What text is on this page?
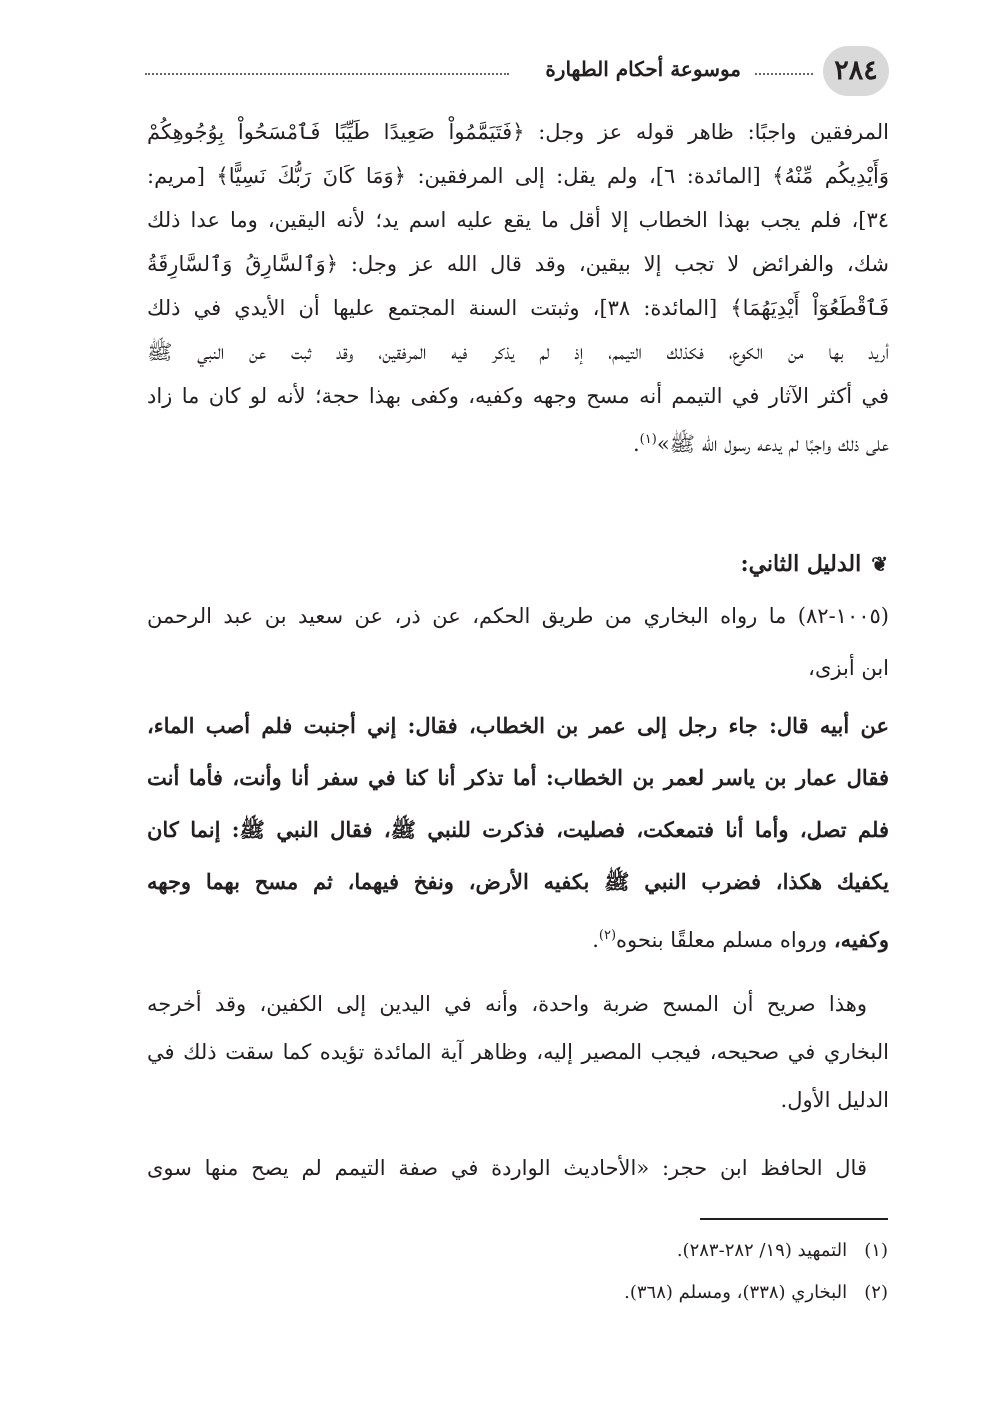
٢٨٤
موسوعة أحكام الطهارة
المرفقين واجبًا: ظاهر قوله عز وجل: ﴿فَتَيَمَّمُواْ صَعِيدًا طَيِّبًا فَٱمْسَحُواْ بِوُجُوهِكُمْ
وَأَيْدِيكُم مِّنْهُ﴾ [المائدة: ٦]، ولم يقل: إلى المرفقين: ﴿وَمَا كَانَ رَبُّكَ نَسِيًّا﴾ [مريم:
٣٤]، فلم يجب بهذا الخطاب إلا أقل ما يقع عليه اسم يد؛ لأنه اليقين، وما عدا ذلك
شك، والفرائض لا تجب إلا بيقين، وقد قال الله عز وجل: ﴿وَٱلسَّارِقُ وَٱلسَّارِقَةُ
فَٱقْطَعُوٓاْ أَيْدِيَهُمَا﴾ [المائدة: ٣٨]، وثبتت السنة المجتمع عليها أن الأيدي في ذلك
أريد بها من الكوع، فكذلك التيمم، إذ لم يذكر فيه المرفقين، وقد ثبت عن النبي ﷺ
في أكثر الآثار في التيمم أنه مسح وجهه وكفيه، وكفى بهذا حجة؛ لأنه لو كان ما زاد
على ذلك واجبًا لم يدعه رسول الله ﷺ»$^{(١)}$.
❦الدليل الثاني:
(١٠٠٥-٨٢) ما رواه البخاري من طريق الحكم، عن ذر، عن سعيد بن عبد الرحمن
ابن أبزى،
عن أبيه قال: جاء رجل إلى عمر بن الخطاب، فقال: إني أجنبت فلم أصب الماء،
فقال عمار بن ياسر لعمر بن الخطاب: أما تذكر أنا كنا في سفر أنا وأنت، فأما أنت
فلم تصل، وأما أنا فتمعكت، فصليت، فذكرت للنبي ﷺ، فقال النبي ﷺ: إنما كان
يكفيك هكذا، فضرب النبي ﷺ بكفيه الأرض، ونفخ فيهما، ثم مسح بهما وجهه
وكفيه، ورواه مسلم معلقًا بنحوه$^{(٢)}$.
وهذا صريح أن المسح ضربة واحدة، وأنه في اليدين إلى الكفين، وقد أخرجه
البخاري في صحيحه، فيجب المصير إليه، وظاهر آية المائدة تؤيده كما سقت ذلك في
الدليل الأول.
قال الحافظ ابن حجر: «الأحاديث الواردة في صفة التيمم لم يصح منها سوى
(١)   التمهيد (١٩/ ٢٨٢-٢٨٣).
(٢)   البخاري (٣٣٨)، ومسلم (٣٦٨).
